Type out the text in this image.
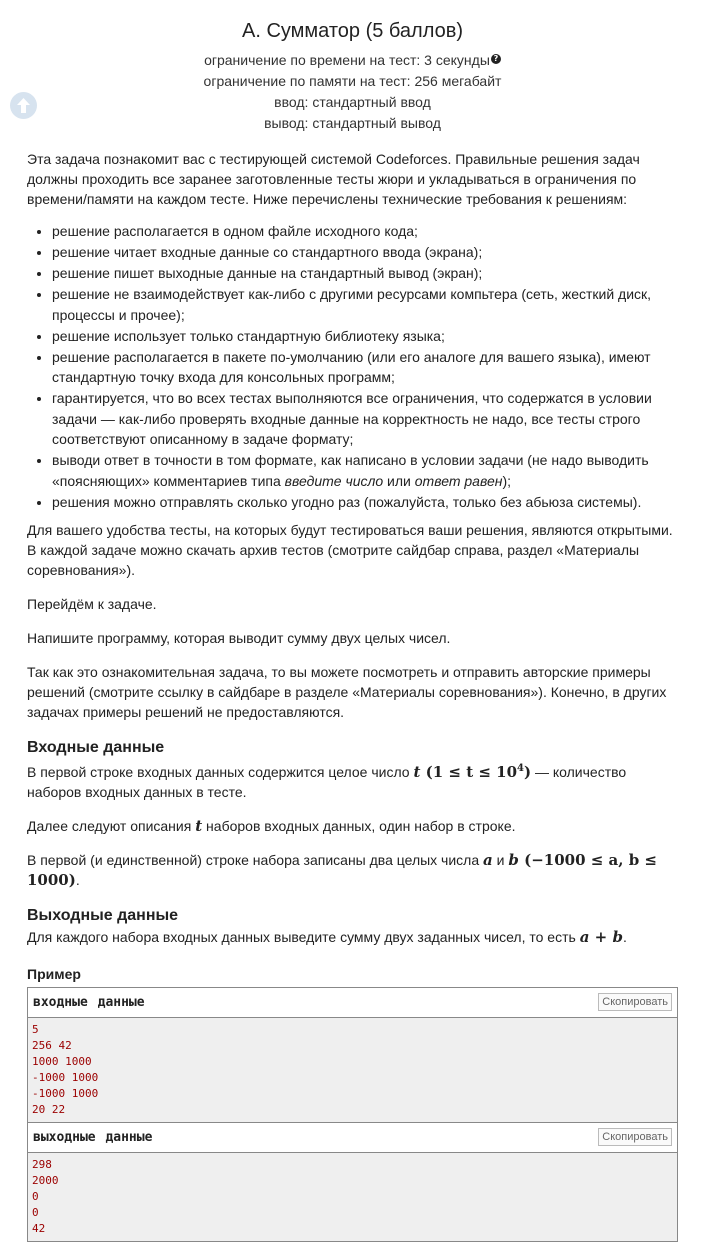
A. Сумматор (5 баллов)
ограничение по времени на тест: 3 секунды ?
ограничение по памяти на тест: 256 мегабайт
ввод: стандартный ввод
вывод: стандартный вывод

Эта задача познакомит вас с тестирующей системой Codeforces. Правильные решения задач должны проходить все заранее заготовленные тесты жюри и укладываться в ограничения по времени/памяти на каждом тесте. Ниже перечислены технические требования к решениям:

• решение располагается в одном файле исходного кода;
• решение читает входные данные со стандартного ввода (экрана);
• решение пишет выходные данные на стандартный вывод (экран);
• решение не взаимодействует как-либо с другими ресурсами компьтера (сеть, жесткий диск, процессы и прочее);
• решение использует только стандартную библиотеку языка;
• решение располагается в пакете по-умолчанию (или его аналоге для вашего языка), имеют стандартную точку входа для консольных программ;
• гарантируется, что во всех тестах выполняются все ограничения, что содержатся в условии задачи — как-либо проверять входные данные на корректность не надо, все тесты строго соответствуют описанному в задаче формату;
• выводи ответ в точности в том формате, как написано в условии задачи (не надо выводить «поясняющих» комментариев типа введите число или ответ равен);
• решения можно отправлять сколько угодно раз (пожалуйста, только без абьюза системы).

Для вашего удобства тесты, на которых будут тестироваться ваши решения, являются открытыми. В каждой задаче можно скачать архив тестов (смотрите сайдбар справа, раздел «Материалы соревнования»).

Перейдём к задаче.

Напишите программу, которая выводит сумму двух целых чисел.

Так как это ознакомительная задача, то вы можете посмотреть и отправить авторские примеры решений (смотрите ссылку в сайдбаре в разделе «Материалы соревнования»). Конечно, в других задачах примеры решений не предоставляются.

Входные данные

В первой строке входных данных содержится целое число t $(1 \le t \le 10^4)$ — количество наборов входных данных в тесте.

Далее следуют описания t наборов входных данных, один набор в строке.

В первой (и единственной) строке набора записаны два целых числа a и b (−1000 ≤ a, b ≤ 1000).

Выходные данные

Для каждого набора входных данных выведите сумму двух заданных чисел, то есть a + b.

Пример
входные данные	Скопировать
5
256 42
1000 1000
-1000 1000
-1000 1000
20 22
выходные данные	Скопировать
298
2000
0
0
42
